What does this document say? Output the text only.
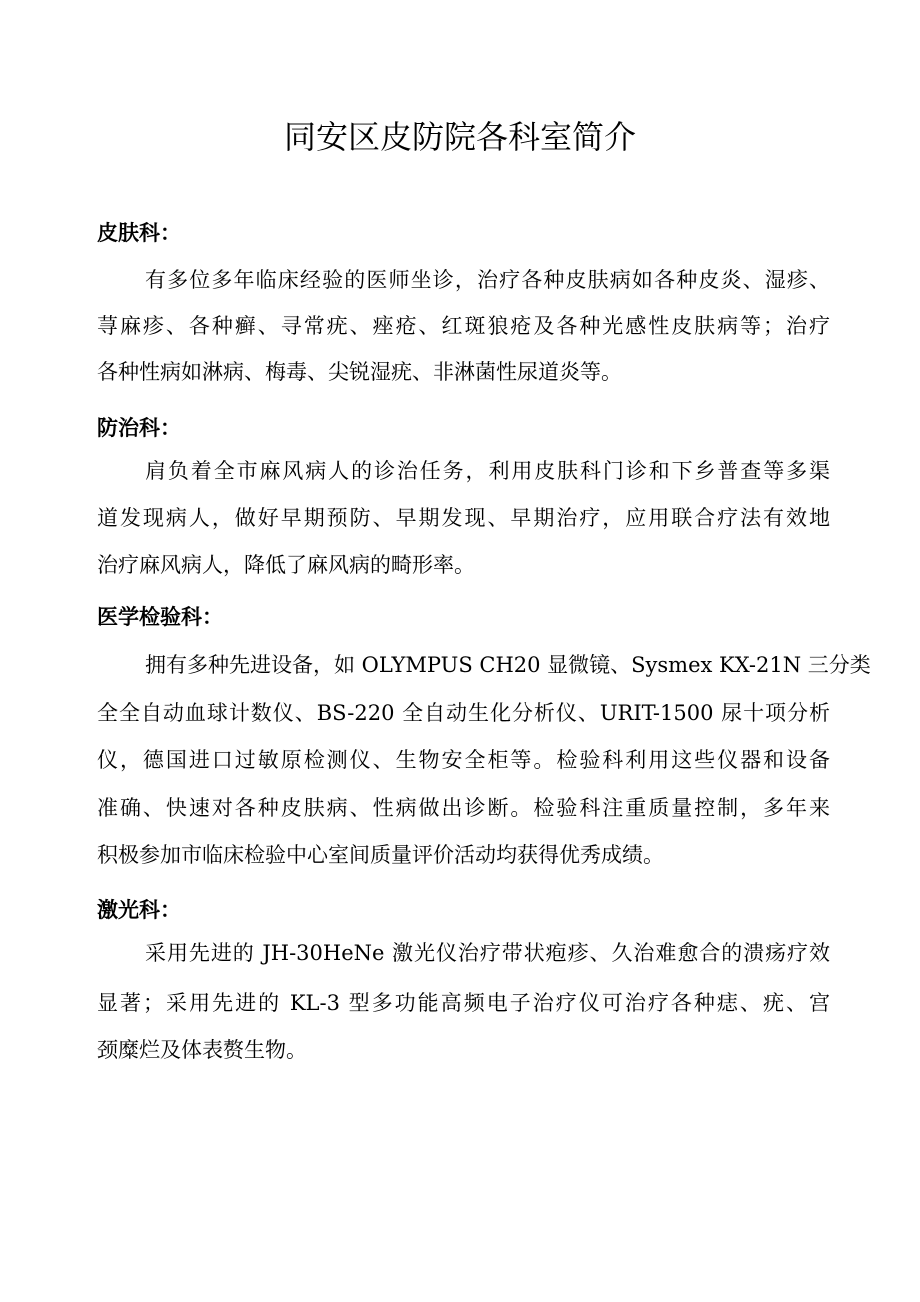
同安区皮防院各科室简介
皮肤科：
有多位多年临床经验的医师坐诊，治疗各种皮肤病如各种皮炎、湿疹、
荨麻疹、各种癣、寻常疣、痤疮、红斑狼疮及各种光感性皮肤病等；治疗
各种性病如淋病、梅毒、尖锐湿疣、非淋菌性尿道炎等。
防治科：
肩负着全市麻风病人的诊治任务，利用皮肤科门诊和下乡普查等多渠
道发现病人，做好早期预防、早期发现、早期治疗，应用联合疗法有效地
治疗麻风病人，降低了麻风病的畸形率。
医学检验科：
拥有多种先进设备，如 OLYMPUS CH20 显微镜、Sysmex KX-21N 三分类
全全自动血球计数仪、BS-220 全自动生化分析仪、URIT-1500 尿十项分析
仪，德国进口过敏原检测仪、生物安全柜等。检验科利用这些仪器和设备
准确、快速对各种皮肤病、性病做出诊断。检验科注重质量控制，多年来
积极参加市临床检验中心室间质量评价活动均获得优秀成绩。
激光科：
采用先进的 JH-30HeNe 激光仪治疗带状疱疹、久治难愈合的溃疡疗效
显著；采用先进的 KL-3 型多功能高频电子治疗仪可治疗各种痣、疣、宫
颈糜烂及体表赘生物。
